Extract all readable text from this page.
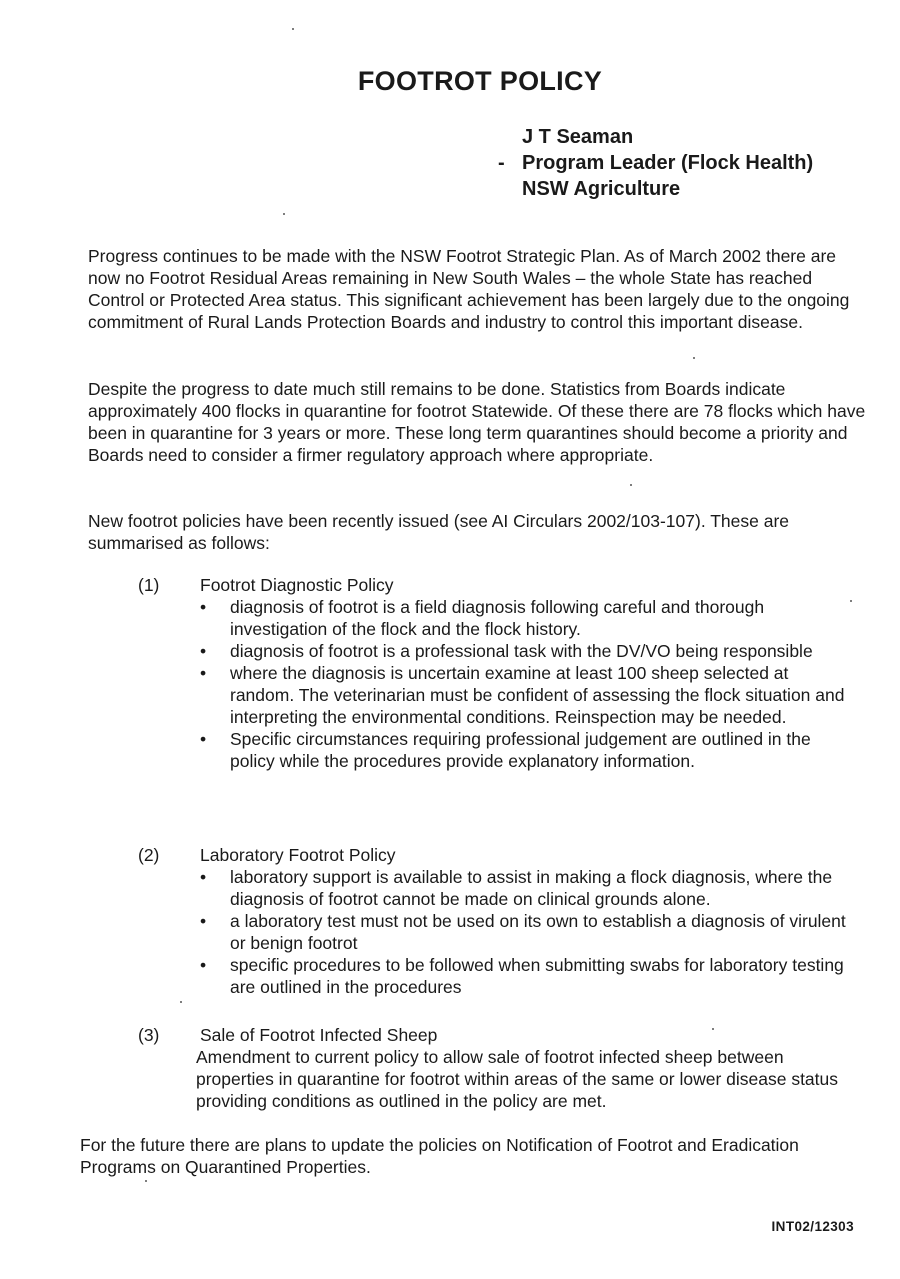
FOOTROT POLICY
J T Seaman
- Program Leader (Flock Health)
NSW Agriculture

Progress continues to be made with the NSW Footrot Strategic Plan. As of March 2002 there are now no Footrot Residual Areas remaining in New South Wales – the whole State has reached Control or Protected Area status. This significant achievement has been largely due to the ongoing commitment of Rural Lands Protection Boards and industry to control this important disease.

Despite the progress to date much still remains to be done. Statistics from Boards indicate approximately 400 flocks in quarantine for footrot Statewide. Of these there are 78 flocks which have been in quarantine for 3 years or more. These long term quarantines should become a priority and Boards need to consider a firmer regulatory approach where appropriate.

New footrot policies have been recently issued (see AI Circulars 2002/103-107). These are summarised as follows:

(1) Footrot Diagnostic Policy
• diagnosis of footrot is a field diagnosis following careful and thorough investigation of the flock and the flock history.
• diagnosis of footrot is a professional task with the DV/VO being responsible
• where the diagnosis is uncertain examine at least 100 sheep selected at random. The veterinarian must be confident of assessing the flock situation and interpreting the environmental conditions. Reinspection may be needed.
• Specific circumstances requiring professional judgement are outlined in the policy while the procedures provide explanatory information.
(2) Laboratory Footrot Policy
• laboratory support is available to assist in making a flock diagnosis, where the diagnosis of footrot cannot be made on clinical grounds alone.
• a laboratory test must not be used on its own to establish a diagnosis of virulent or benign footrot
• specific procedures to be followed when submitting swabs for laboratory testing are outlined in the procedures
(3) Sale of Footrot Infected Sheep
Amendment to current policy to allow sale of footrot infected sheep between properties in quarantine for footrot within areas of the same or lower disease status providing conditions as outlined in the policy are met.

For the future there are plans to update the policies on Notification of Footrot and Eradication Programs on Quarantined Properties.

INT02/12303
